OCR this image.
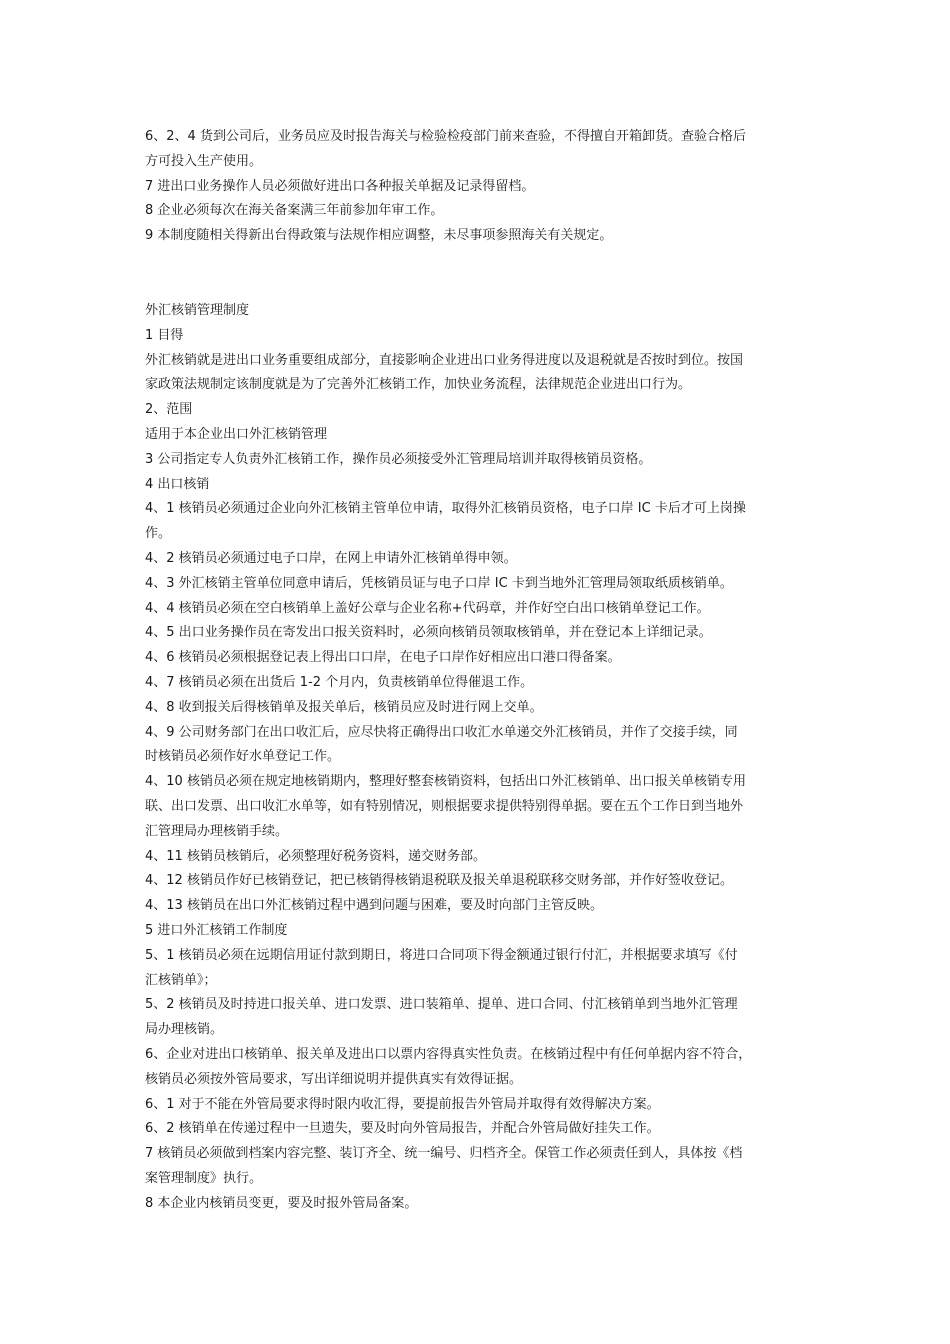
6、2、4 货到公司后，业务员应及时报告海关与检验检疫部门前来查验，不得擅自开箱卸货。查验合格后
方可投入生产使用。
7 进出口业务操作人员必须做好进出口各种报关单据及记录得留档。
8 企业必须每次在海关备案满三年前参加年审工作。
9 本制度随相关得新出台得政策与法规作相应调整，未尽事项参照海关有关规定。
外汇核销管理制度
1 目得
外汇核销就是进出口业务重要组成部分，直接影响企业进出口业务得进度以及退税就是否按时到位。按国
家政策法规制定该制度就是为了完善外汇核销工作，加快业务流程，法律规范企业进出口行为。
2、范围
适用于本企业出口外汇核销管理
3 公司指定专人负责外汇核销工作，操作员必须接受外汇管理局培训并取得核销员资格。
4 出口核销
4、1 核销员必须通过企业向外汇核销主管单位申请，取得外汇核销员资格，电子口岸 IC 卡后才可上岗操
作。
4、2 核销员必须通过电子口岸，在网上申请外汇核销单得申领。
4、3 外汇核销主管单位同意申请后，凭核销员证与电子口岸 IC 卡到当地外汇管理局领取纸质核销单。
4、4 核销员必须在空白核销单上盖好公章与企业名称+代码章，并作好空白出口核销单登记工作。
4、5 出口业务操作员在寄发出口报关资料时，必须向核销员领取核销单，并在登记本上详细记录。
4、6 核销员必须根据登记表上得出口口岸，在电子口岸作好相应出口港口得备案。
4、7 核销员必须在出货后 1-2 个月内，负责核销单位得催退工作。
4、8 收到报关后得核销单及报关单后，核销员应及时进行网上交单。
4、9 公司财务部门在出口收汇后，应尽快将正确得出口收汇水单递交外汇核销员，并作了交接手续，同
时核销员必须作好水单登记工作。
4、10 核销员必须在规定地核销期内，整理好整套核销资料，包括出口外汇核销单、出口报关单核销专用
联、出口发票、出口收汇水单等，如有特别情况，则根据要求提供特别得单据。要在五个工作日到当地外
汇管理局办理核销手续。
4、11 核销员核销后，必须整理好税务资料，递交财务部。
4、12 核销员作好已核销登记，把已核销得核销退税联及报关单退税联移交财务部，并作好签收登记。
4、13 核销员在出口外汇核销过程中遇到问题与困难，要及时向部门主管反映。
5 进口外汇核销工作制度
5、1 核销员必须在远期信用证付款到期日，将进口合同项下得金额通过银行付汇，并根据要求填写《付
汇核销单》；
5、2 核销员及时持进口报关单、进口发票、进口装箱单、提单、进口合同、付汇核销单到当地外汇管理
局办理核销。
6、企业对进出口核销单、报关单及进出口以票内容得真实性负责。在核销过程中有任何单据内容不符合，
核销员必须按外管局要求，写出详细说明并提供真实有效得证据。
6、1 对于不能在外管局要求得时限内收汇得，要提前报告外管局并取得有效得解决方案。
6、2 核销单在传递过程中一旦遗失，要及时向外管局报告，并配合外管局做好挂失工作。
7 核销员必须做到档案内容完整、装订齐全、统一编号、归档齐全。保管工作必须责任到人，具体按《档
案管理制度》执行。
8 本企业内核销员变更，要及时报外管局备案。
